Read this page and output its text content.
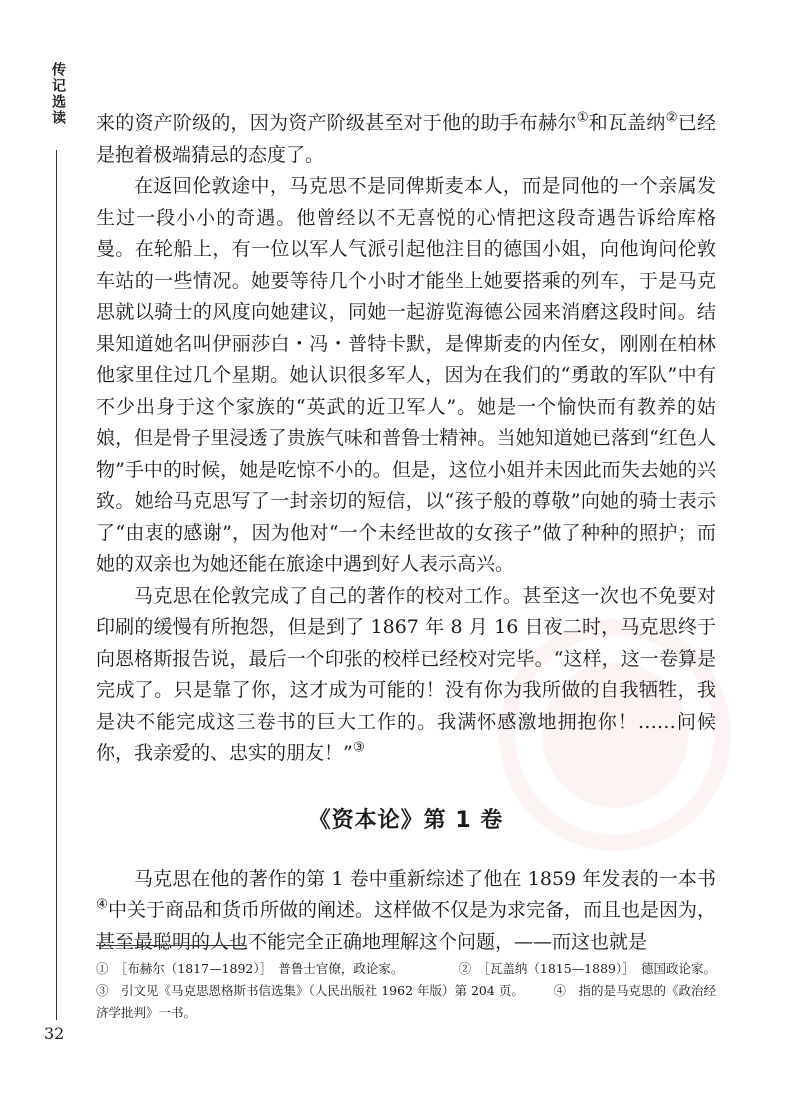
传记选读 来的资产阶级的，因为资产阶级甚至对于他的助手布赫尔①和瓦盖纳②已经是抱着极端猜忌的态度了。

在返回伦敦途中，马克思不是同俾斯麦本人，而是同他的一个亲属发生过一段小小的奇遇。他曾经以不无喜悦的心情把这段奇遇告诉给库格曼。在轮船上，有一位以军人气派引起他注目的德国小姐，向他询问伦敦车站的一些情况。她要等待几个小时才能坐上她要搭乘的列车，于是马克思就以骑士的风度向她建议，同她一起游览海德公园来消磨这段时间。结果知道她名叫伊丽莎白・冯・普特卡默，是俾斯麦的内侄女，刚刚在柏林他家里住过几个星期。她认识很多军人，因为在我们的“勇敢的军队”中有不少出身于这个家族的“英武的近卫军人”。她是一个愉快而有教养的姑娘，但是骨子里浸透了贵族气味和普鲁士精神。当她知道她已落到“红色人物”手中的时候，她是吃惊不小的。但是，这位小姐并未因此而失去她的兴致。她给马克思写了一封亲切的短信，以“孩子般的尊敬”向她的骑士表示了“由衷的感谢”，因为他对“一个未经世故的女孩子”做了种种的照护；而她的双亲也为她还能在旅途中遇到好人表示高兴。

马克思在伦敦完成了自己的著作的校对工作。甚至这一次也不免要对印刷的缓慢有所抱怨，但是到了 1867 年 8 月 16 日夜二时，马克思终于向恩格斯报告说，最后一个印张的校样已经校对完毕。“这样，这一卷算是完成了。只是靠了你，这才成为可能的！没有你为我所做的自我牺牲，我是决不能完成这三卷书的巨大工作的。我满怀感激地拥抱你！……问候你，我亲爱的、忠实的朋友！”③

《资本论》第 1 卷

马克思在他的著作的第 1 卷中重新综述了他在 1859 年发表的一本书④中关于商品和货币所做的阐述。这样做不仅是为求完备，而且也是因为，甚至最聪明的人也不能完全正确地理解这个问题，——而这也就是

①　［布赫尔（1817—1892）］　普鲁士官僚，政论家。	②　［瓦盖纳（1815—1889）］　德国政论家。
③　引文见《马克思恩格斯书信选集》（人民出版社 1962 年版）第 204 页。 ④　指的是马克思的《政治经
济学批判》一书。
32
